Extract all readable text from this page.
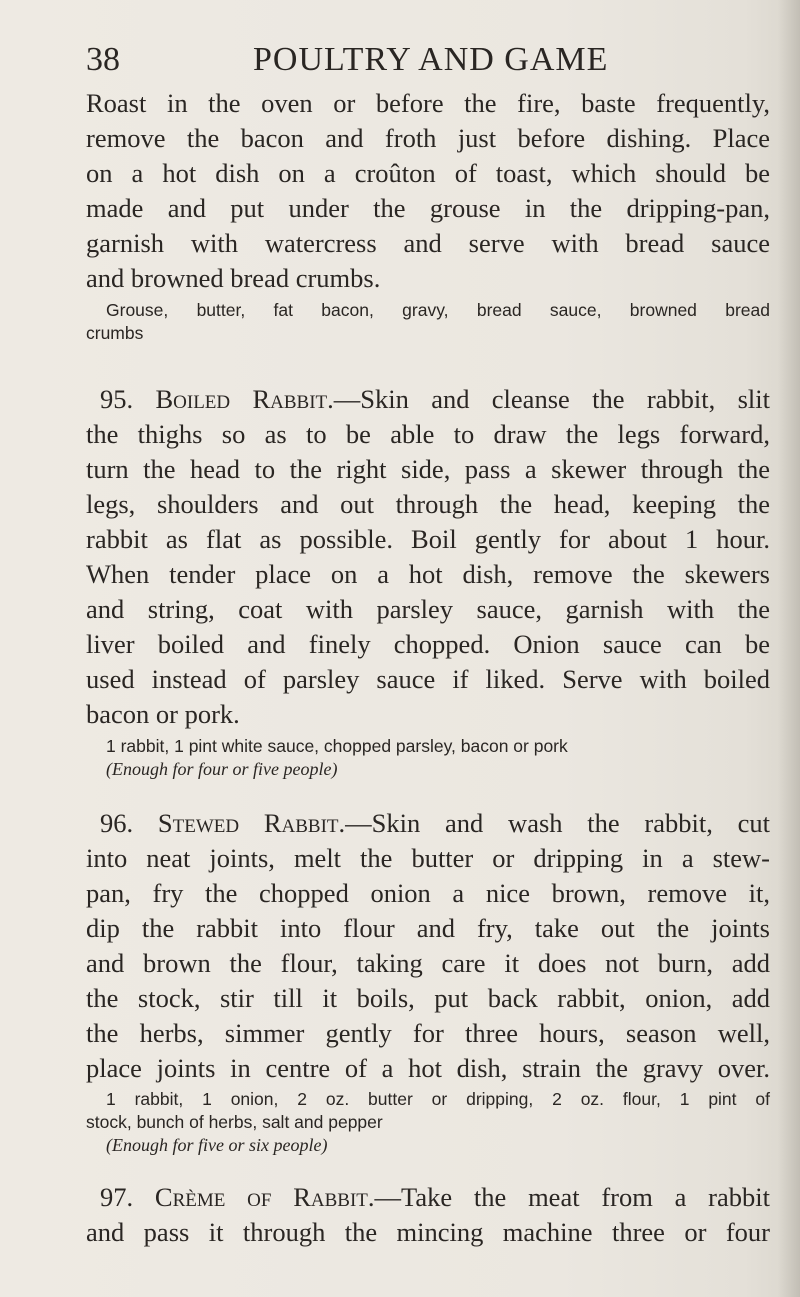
38	POULTRY AND GAME
Roast in the oven or before the fire, baste frequently,
remove the bacon and froth just before dishing. Place
on a hot dish on a croûton of toast, which should be
made and put under the grouse in the dripping-pan,
garnish with watercress and serve with bread sauce
and browned bread crumbs.
Grouse, butter, fat bacon, gravy, bread sauce, browned bread
crumbs
95. Boiled Rabbit.—Skin and cleanse the rabbit, slit
the thighs so as to be able to draw the legs forward,
turn the head to the right side, pass a skewer through the
legs, shoulders and out through the head, keeping the
rabbit as flat as possible. Boil gently for about 1 hour.
When tender place on a hot dish, remove the skewers
and string, coat with parsley sauce, garnish with the
liver boiled and finely chopped. Onion sauce can be
used instead of parsley sauce if liked. Serve with boiled
bacon or pork.
1 rabbit, 1 pint white sauce, chopped parsley, bacon or pork
(Enough for four or five people)
96. Stewed Rabbit.—Skin and wash the rabbit, cut
into neat joints, melt the butter or dripping in a stew-
pan, fry the chopped onion a nice brown, remove it,
dip the rabbit into flour and fry, take out the joints
and brown the flour, taking care it does not burn, add
the stock, stir till it boils, put back rabbit, onion, add
the herbs, simmer gently for three hours, season well,
place joints in centre of a hot dish, strain the gravy over.
1 rabbit, 1 onion, 2 oz. butter or dripping, 2 oz. flour, 1 pint of
stock, bunch of herbs, salt and pepper
(Enough for five or six people)
97. Crème of Rabbit.—Take the meat from a rabbit
and pass it through the mincing machine three or four
